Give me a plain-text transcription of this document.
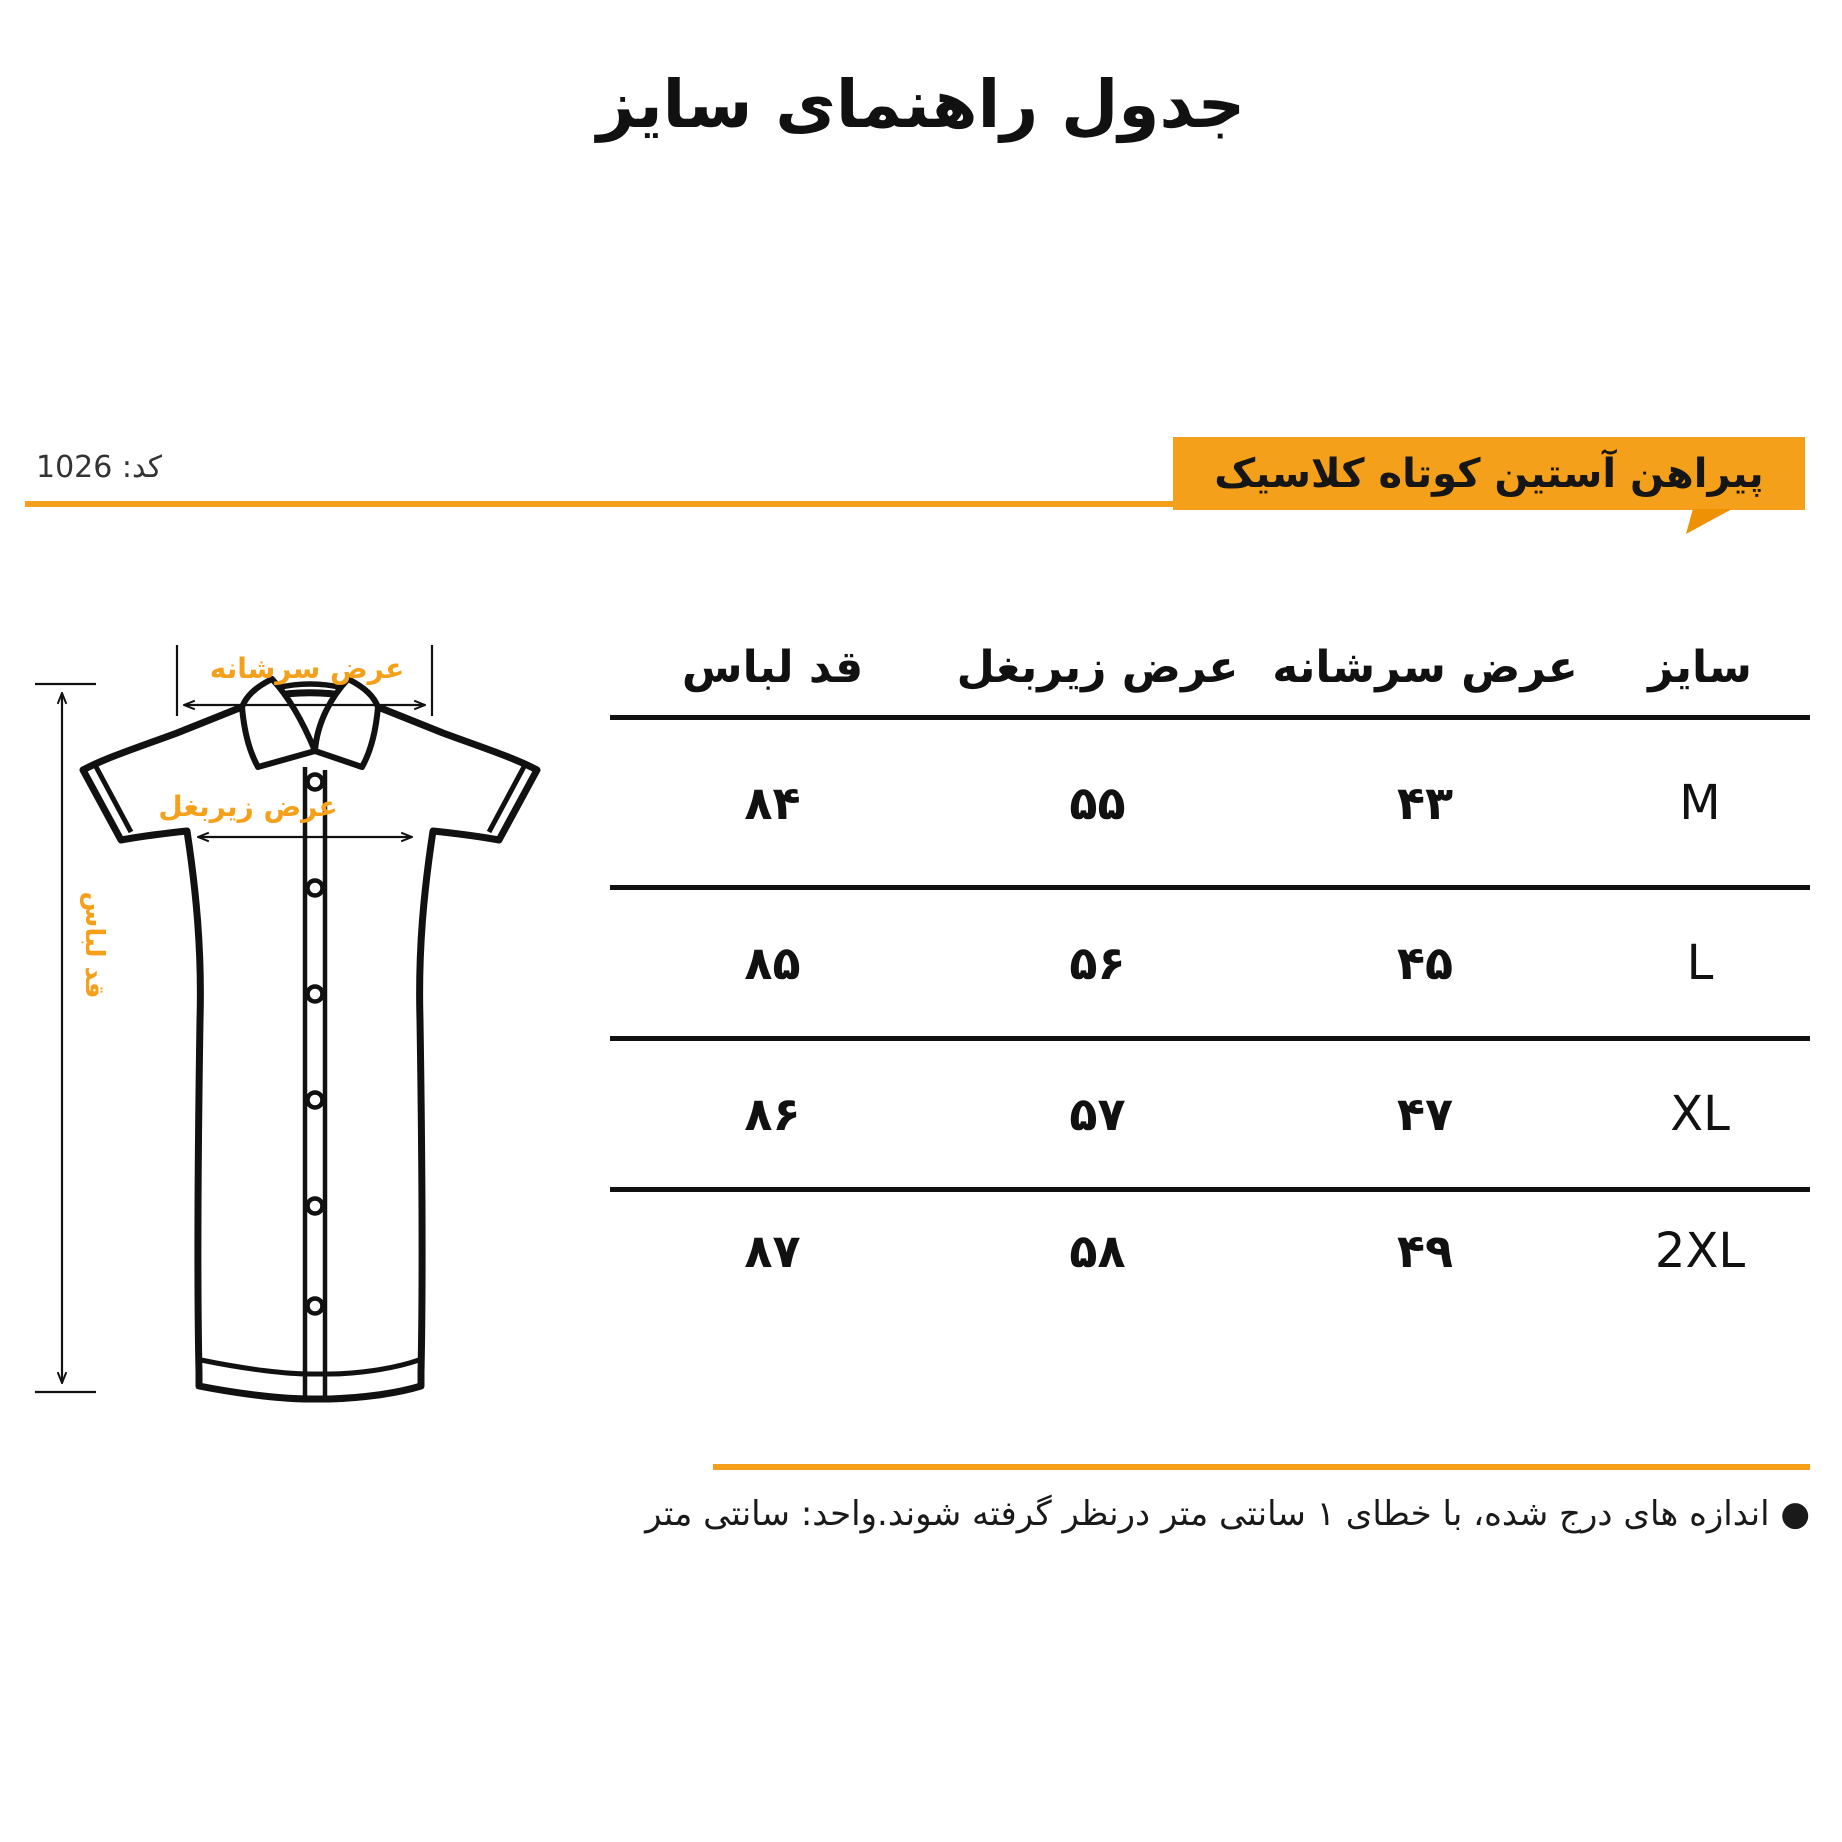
جدول راهنمای سایز
کد: 1026	پیراهن آستین کوتاه کلاسیک
عرض سرشانه
عرض زیربغل
قد لباس
سایز
عرض سرشانه
عرض زیربغل
قد لباس
M
۴۳
۵۵
۸۴
L
۴۵
۵۶
۸۵
XL
۴۷
۵۷
۸۶
2XL
۴۹
۵۸
۸۷
● اندازه های درج شده، با خطای ۱ سانتی متر درنظر گرفته شوند.
واحد: سانتی متر
